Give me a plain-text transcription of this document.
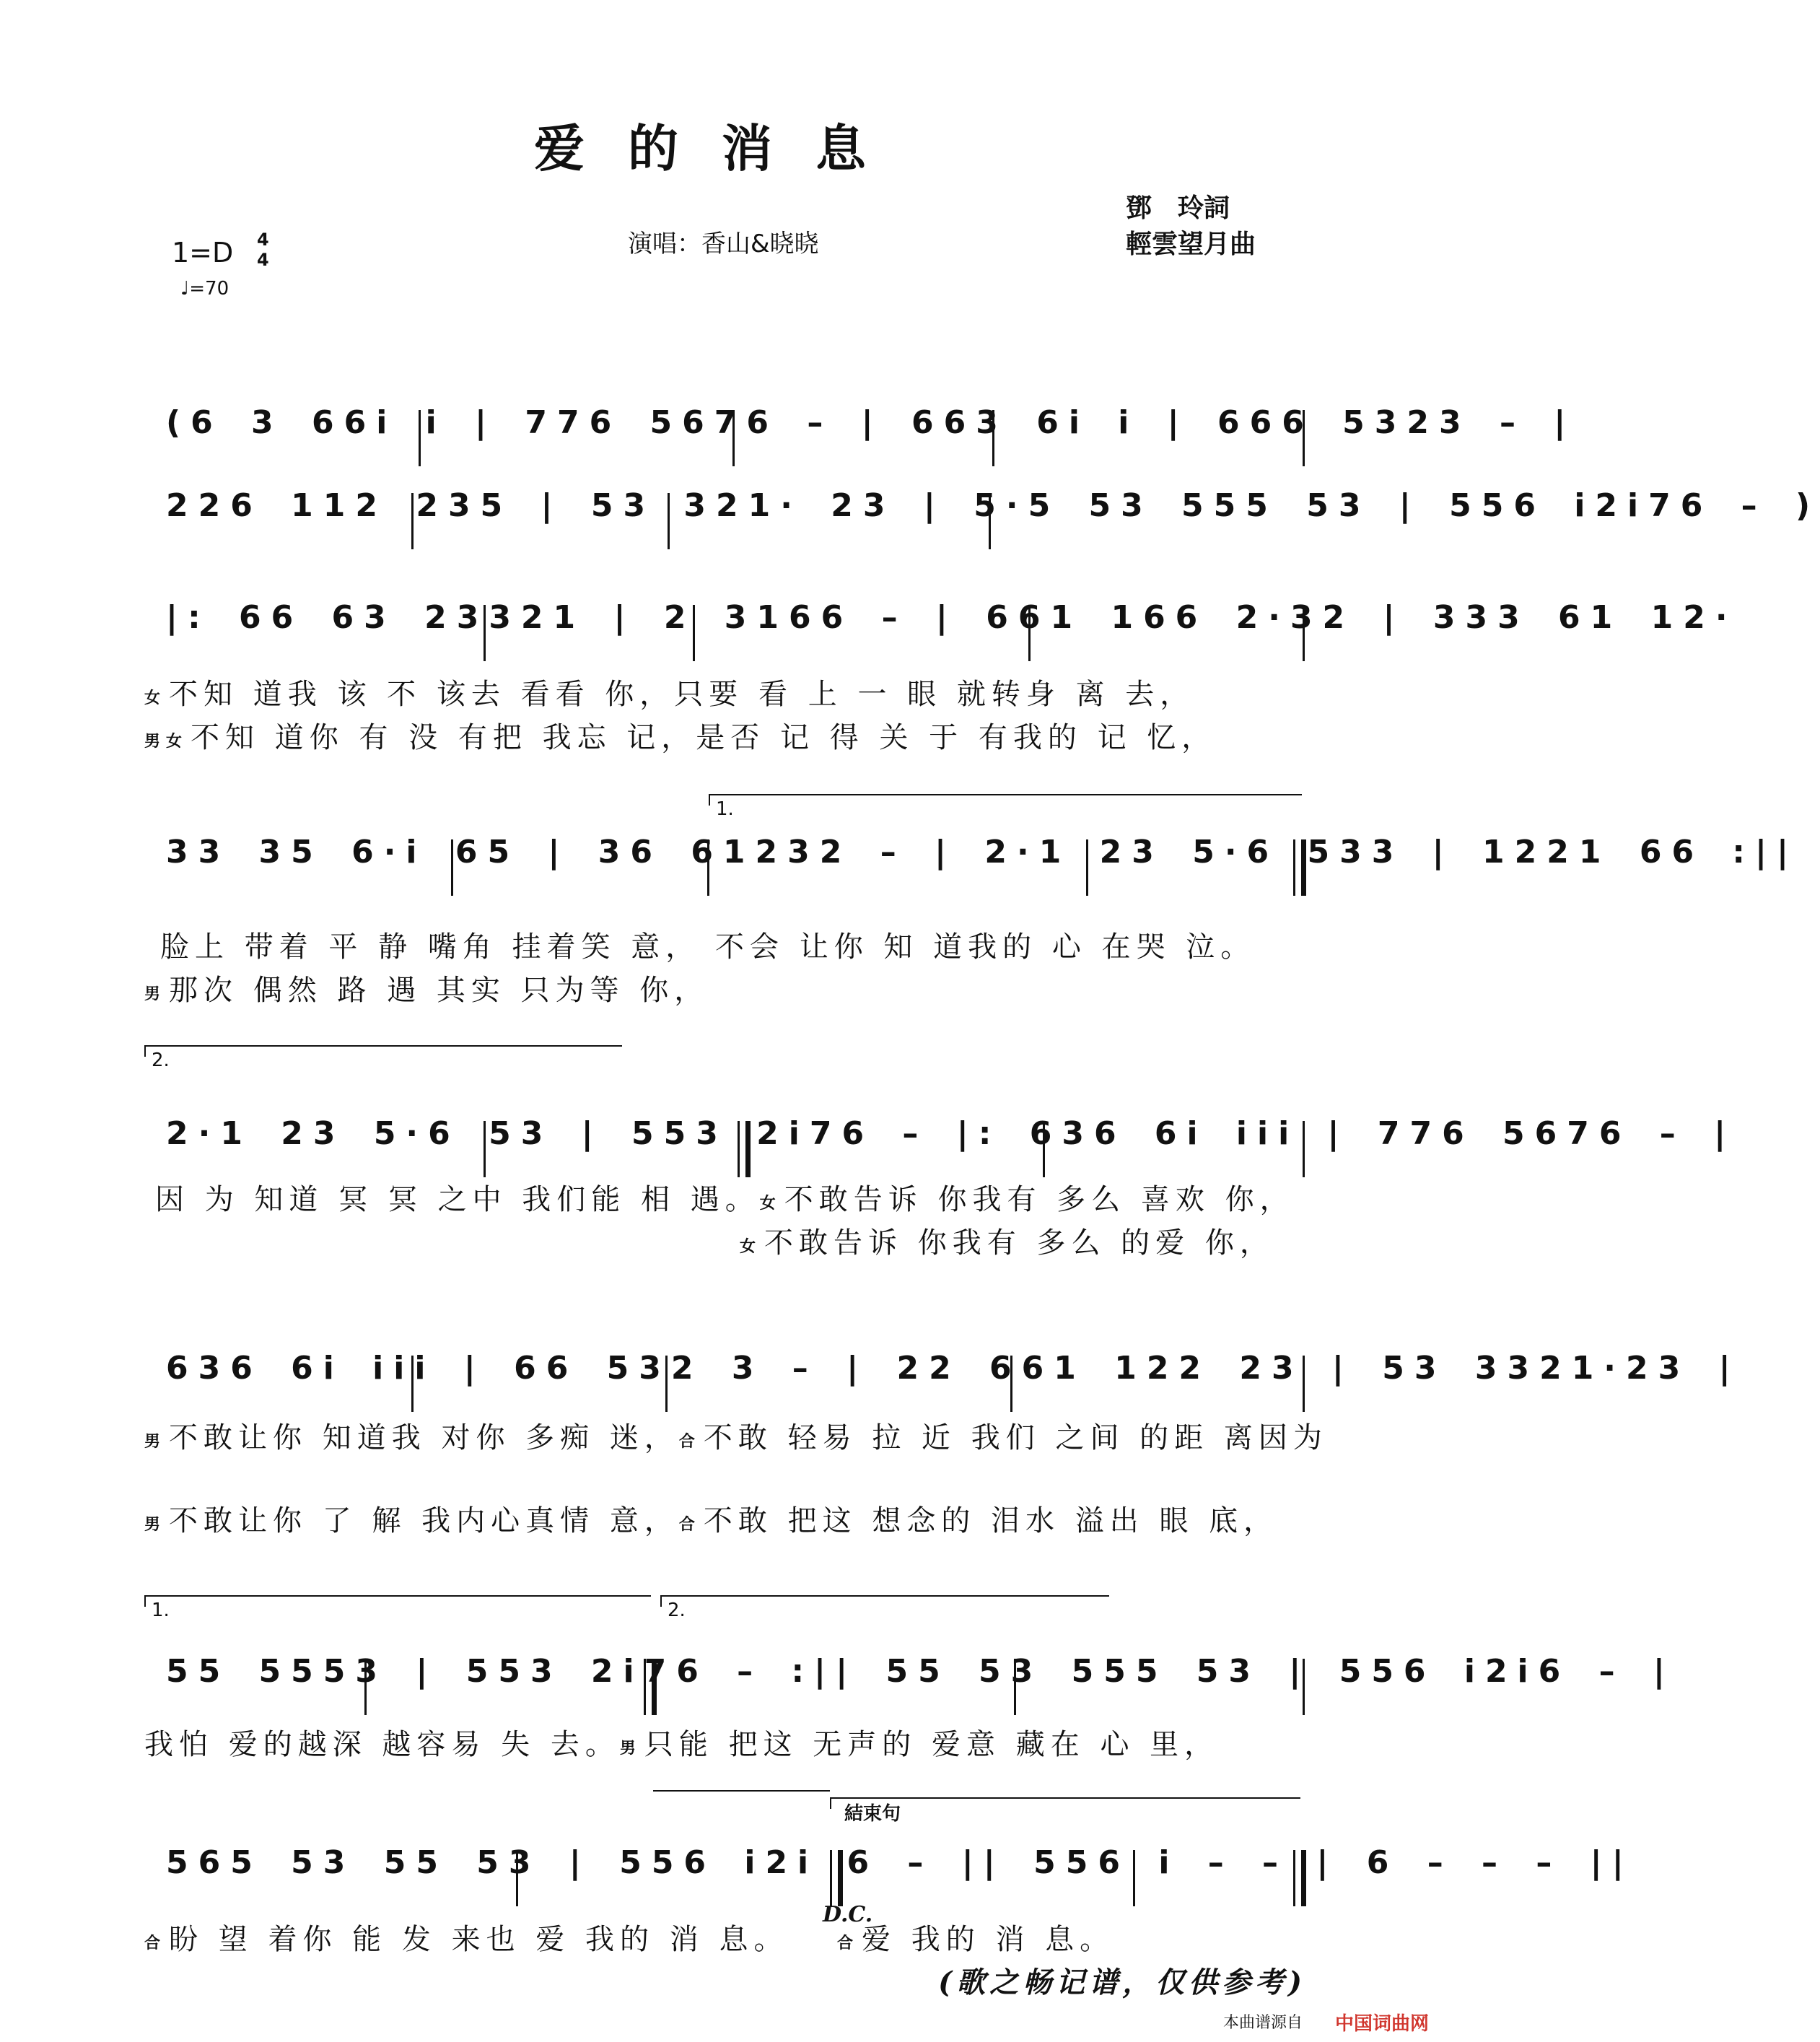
爱的消息
鄧　玲詞
輕雲望月曲
演唱：香山&晓晓
1=D 4
4
♩=70
(6 3 66i i | 776 5676 – | 663 6i i | 666 5323 – |
226 112 235 | 53 321· 23 | 5·5 53 555 53 | 556 i2i76 – )
|: 66 63 23321 | 2 3166 – | 661 166 2·32 | 333 61 12·
女 不知 道我 该 不 该去 看看 你，只要 看 上 一 眼 就转身 离 去，
男女 不知 道你 有 没 有把 我忘 记，是否 记 得 关 于 有我的 记 忆，
1.
33 35 6·i 65 | 36 61232 – | 2·1 23 5·6 533 | 1221 66 :||
脸上 带着 平 静 嘴角 挂着笑 意， 不会 让你 知 道我的 心 在哭 泣。
男 那次 偶然 路 遇 其实 只为等 你，
2.
2·1 23 5·6 53 | 553 2i76 – |: 636 6i iii | 776 5676 – |
因 为 知道 冥 冥 之中 我们能 相 遇。女 不敢告诉 你我有 多么 喜欢 你，
女 不敢告诉 你我有 多么 的爱 你，
636 6i iii | 66 532 3 – | 22 661 122 23 | 53 3321·23 |
男 不敢让你 知道我 对你 多痴 迷，合 不敢 轻易 拉 近 我们 之间 的距 离因为
男 不敢让你 了 解 我内心真情 意，合 不敢 把这 想念的 泪水 溢出 眼 底，
1.	2.
55 5553 | 553 2i76 – :|| 55 53 555 53 | 556 i2i6 – |
我怕 爱的越深 越容易 失 去。男 只能 把这 无声的 爱意 藏在 心 里，
結束句
565 53 55 53 | 556 i2i 6 – || 556 i – – | 6 – – – ||
合 盼 望 着你 能 发 来也 爱 我的 消 息。
D.C.
合 爱 我的 消 息。
(歌之畅记谱，仅供参考)
本曲谱源自 中国词曲网
